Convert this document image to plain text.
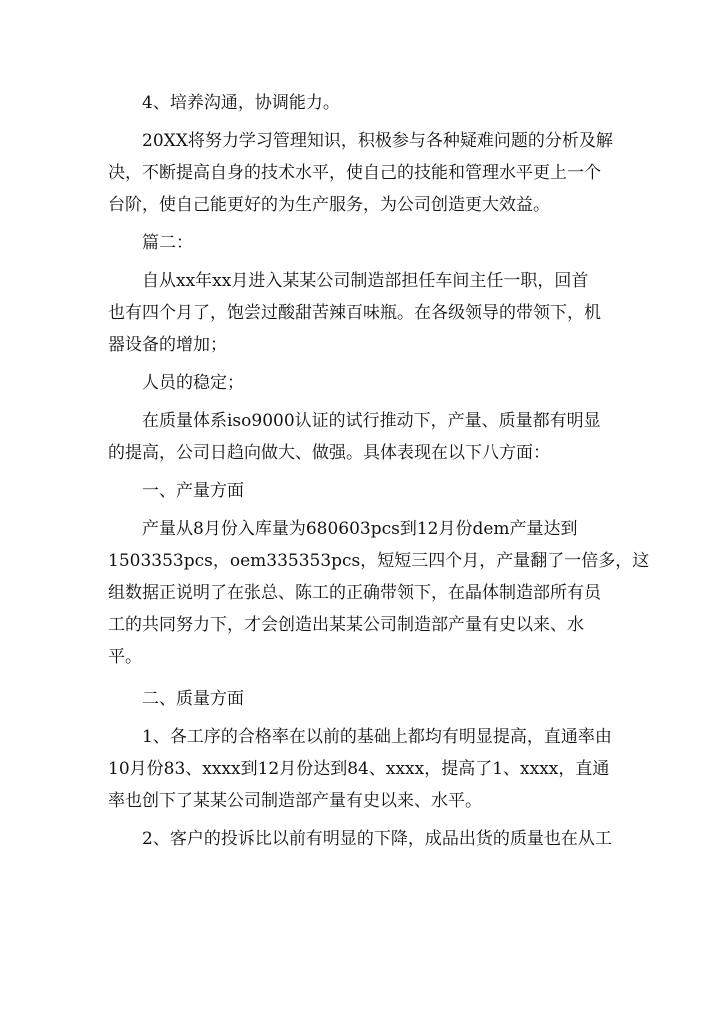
4、培养沟通，协调能力。
20XX将努力学习管理知识，积极参与各种疑难问题的分析及解
决，不断提高自身的技术水平，使自己的技能和管理水平更上一个
台阶，使自己能更好的为生产服务，为公司创造更大效益。
篇二：
自从xx年xx月进入某某公司制造部担任车间主任一职，回首
也有四个月了，饱尝过酸甜苦辣百味瓶。在各级领导的带领下，机
器设备的增加；
人员的稳定；
在质量体系iso9000认证的试行推动下，产量、质量都有明显
的提高，公司日趋向做大、做强。具体表现在以下八方面：
一、产量方面
产量从8月份入库量为680603pcs到12月份dem产量达到
1503353pcs，oem335353pcs，短短三四个月，产量翻了一倍多，这
组数据正说明了在张总、陈工的正确带领下，在晶体制造部所有员
工的共同努力下，才会创造出某某公司制造部产量有史以来、水
平。
二、质量方面
1、各工序的合格率在以前的基础上都均有明显提高，直通率由
10月份83、xxxx到12月份达到84、xxxx，提高了1、xxxx，直通
率也创下了某某公司制造部产量有史以来、水平。
2、客户的投诉比以前有明显的下降，成品出货的质量也在从工
